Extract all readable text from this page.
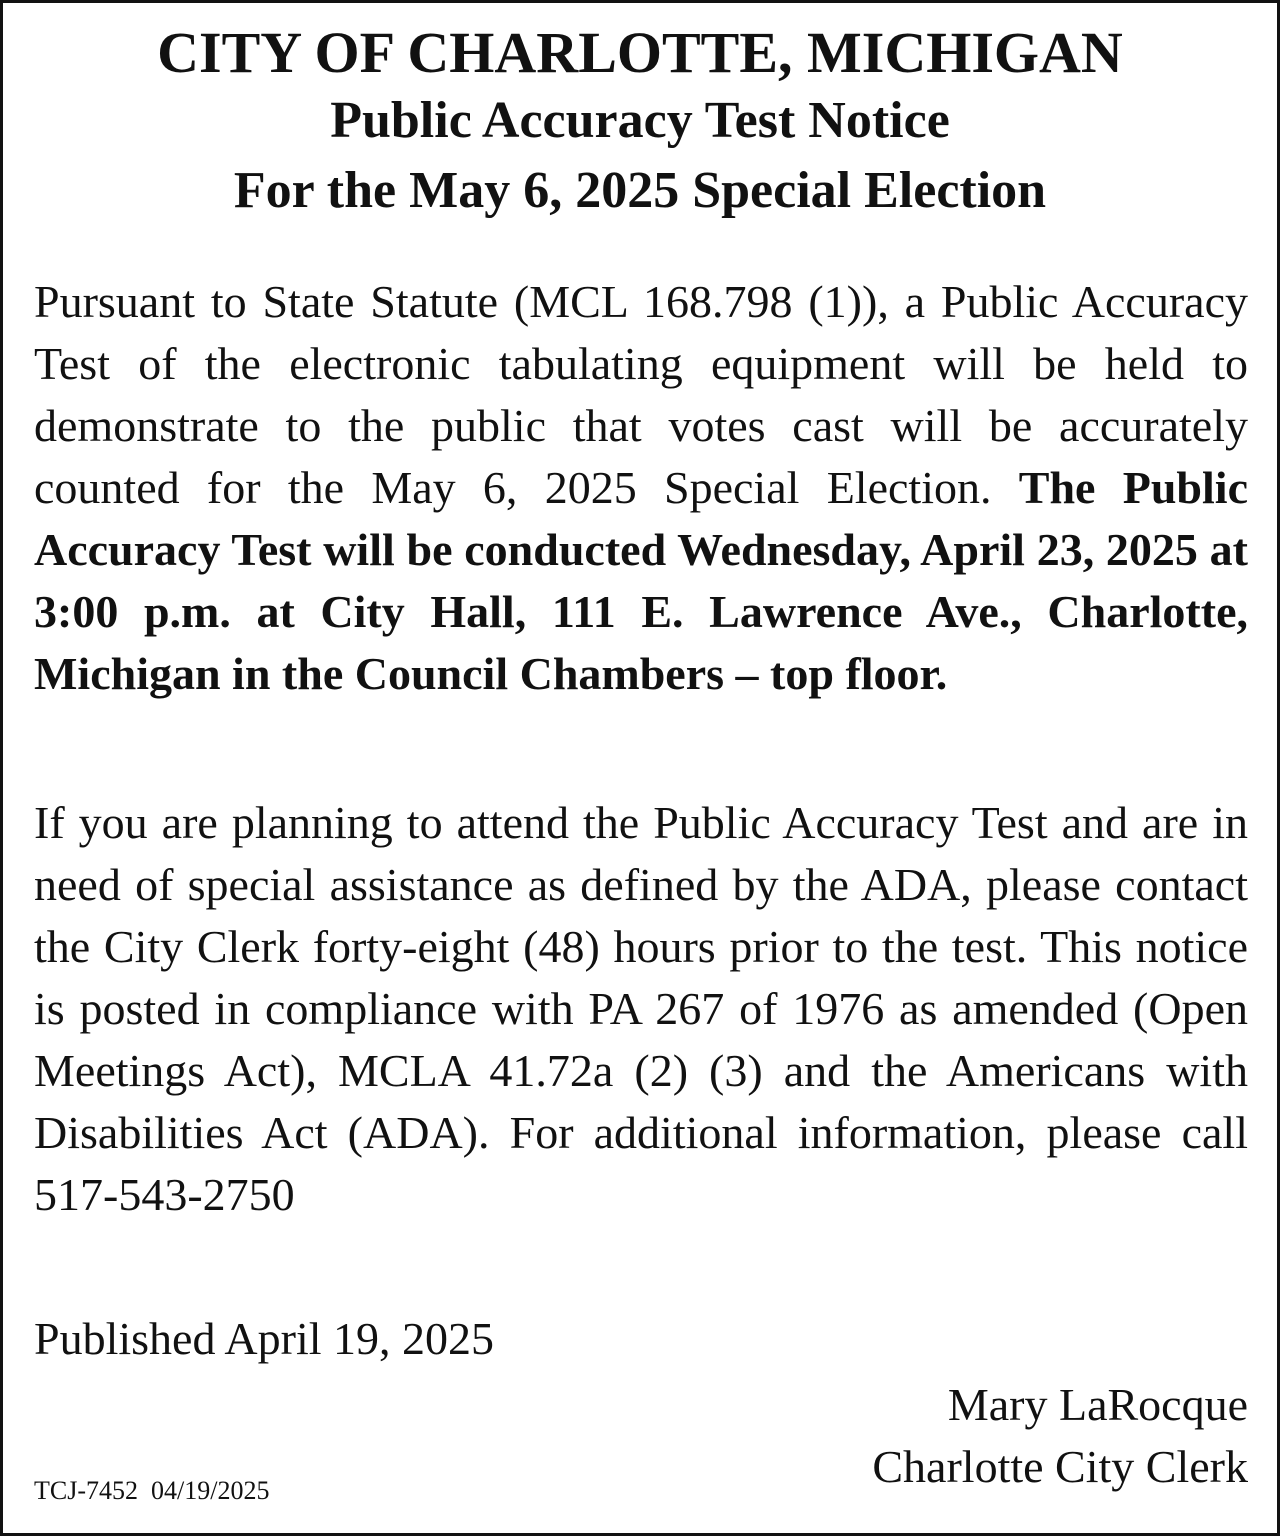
CITY OF CHARLOTTE, MICHIGAN
Public Accuracy Test Notice
For the May 6, 2025 Special Election
Pursuant to State Statute (MCL 168.798 (1)), a Public Accuracy Test of the electronic tabulating equipment will be held to demonstrate to the public that votes cast will be accurately counted for the May 6, 2025 Special Election. The Public Accuracy Test will be conducted Wednesday, April 23, 2025 at 3:00 p.m. at City Hall, 111 E. Lawrence Ave., Charlotte, Michigan in the Council Chambers – top floor.
If you are planning to attend the Public Accuracy Test and are in need of special assistance as defined by the ADA, please contact the City Clerk forty-eight (48) hours prior to the test. This notice is posted in compliance with PA 267 of 1976 as amended (Open Meetings Act), MCLA 41.72a (2) (3) and the Americans with Disabilities Act (ADA). For additional information, please call 517-543-2750
Published April 19, 2025
Mary LaRocque
Charlotte City Clerk
TCJ-7452  04/19/2025
